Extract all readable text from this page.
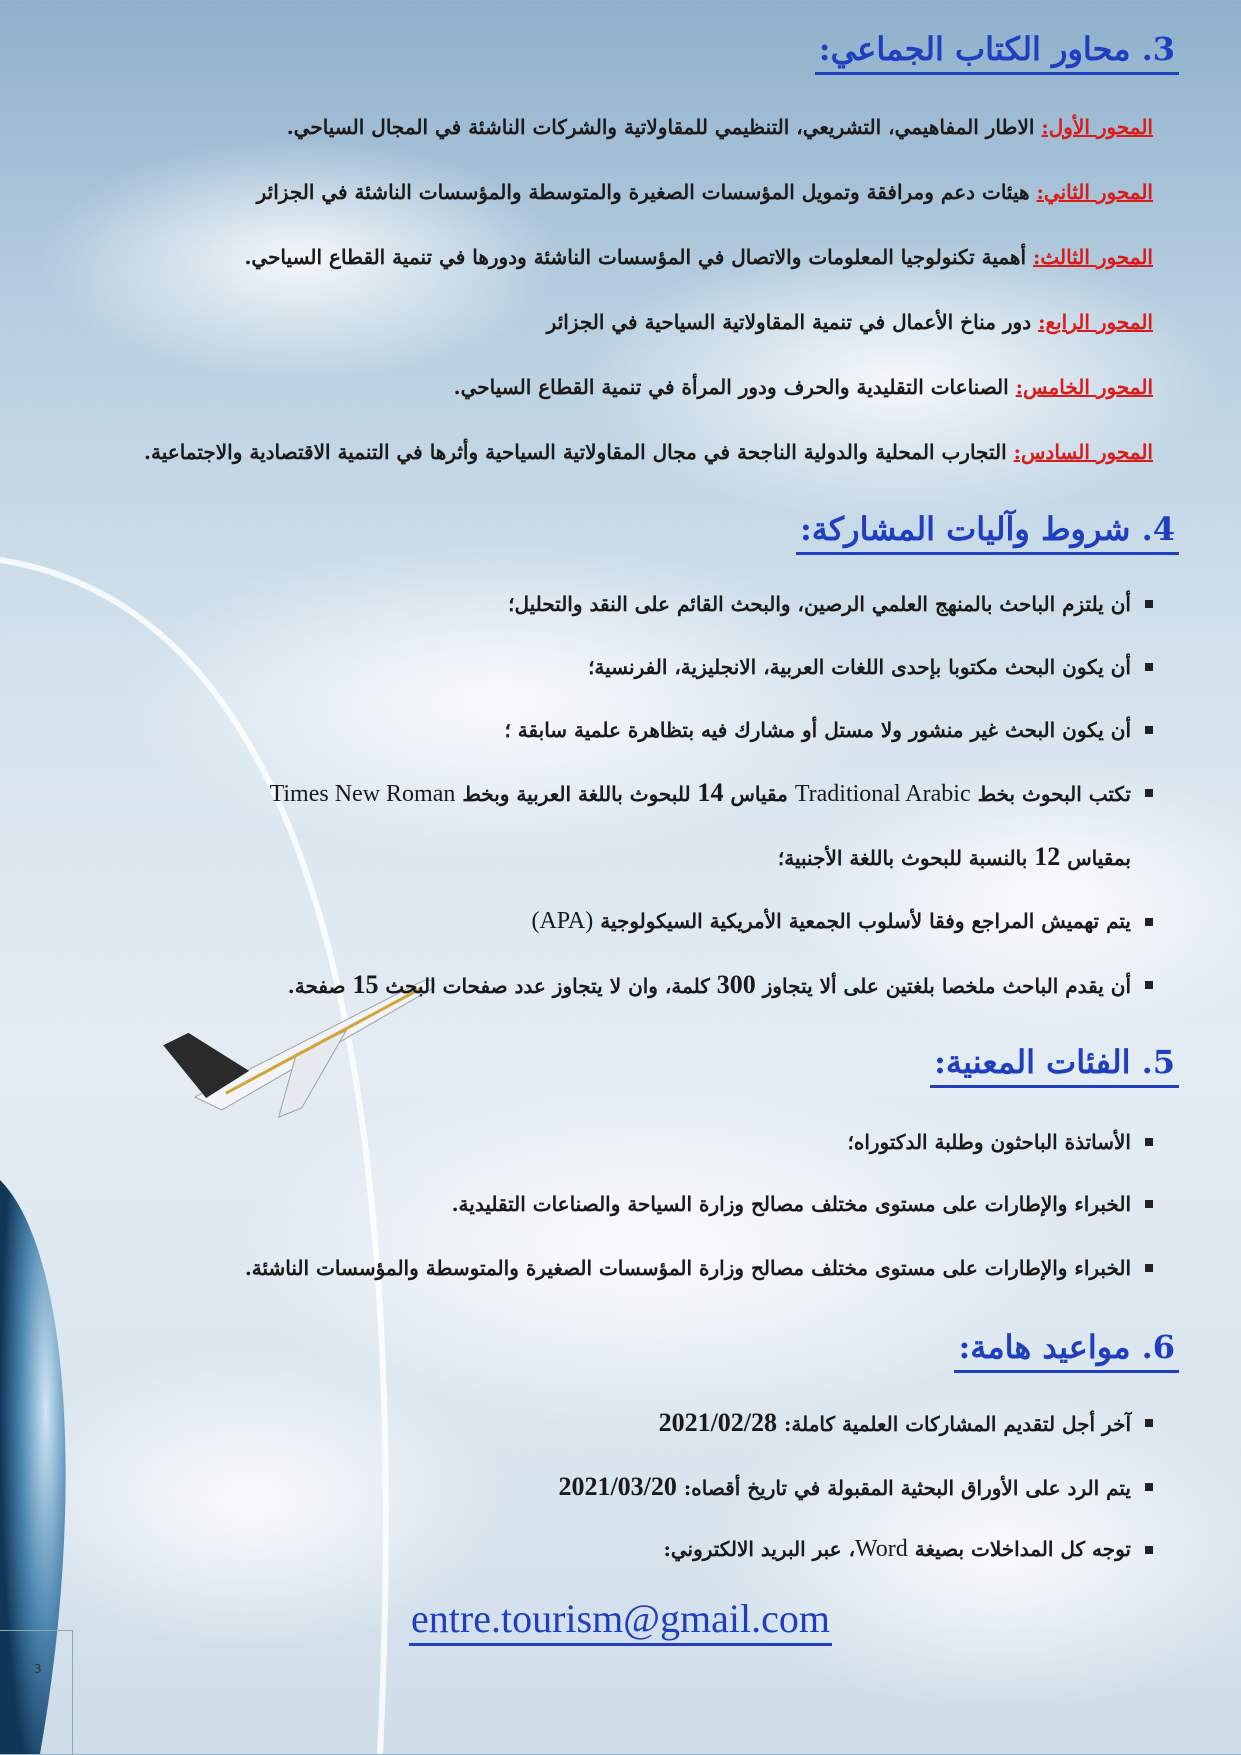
3. محاور الكتاب الجماعي:
المحور الأول: الاطار المفاهيمي، التشريعي، التنظيمي للمقاولاتية والشركات الناشئة في المجال السياحي.
المحور الثاني: هيئات دعم ومرافقة وتمويل المؤسسات الصغيرة والمتوسطة والمؤسسات الناشئة في الجزائر
المحور الثالث: أهمية تكنولوجيا المعلومات والاتصال في المؤسسات الناشئة ودورها في تنمية القطاع السياحي.
المحور الرابع: دور مناخ الأعمال في تنمية المقاولاتية السياحية في الجزائر
المحور الخامس: الصناعات التقليدية والحرف ودور المرأة في تنمية القطاع السياحي.
المحور السادس: التجارب المحلية والدولية الناجحة في مجال المقاولاتية السياحية وأثرها في التنمية الاقتصادية والاجتماعية.
4. شروط وآليات المشاركة:
أن يلتزم الباحث بالمنهج العلمي الرصين، والبحث القائم على النقد والتحليل؛
أن يكون البحث مكتوبا بإحدى اللغات العربية، الانجليزية، الفرنسية؛
أن يكون البحث غير منشور ولا مستل أو مشارك فيه بتظاهرة علمية سابقة ؛
تكتب البحوث بخط Traditional Arabic مقياس 14 للبحوث باللغة العربية وبخط Times New Roman
بمقياس 12 بالنسبة للبحوث باللغة الأجنبية؛
يتم تهميش المراجع وفقا لأسلوب الجمعية الأمريكية السيكولوجية (APA)
أن يقدم الباحث ملخصا بلغتين على ألا يتجاوز 300 كلمة، وان لا يتجاوز عدد صفحات البحث 15 صفحة.
5. الفئات المعنية:
الأساتذة الباحثون وطلبة الدكتوراه؛
الخبراء والإطارات على مستوى مختلف مصالح وزارة السياحة والصناعات التقليدية.
الخبراء والإطارات على مستوى مختلف مصالح وزارة المؤسسات الصغيرة والمتوسطة والمؤسسات الناشئة.
6. مواعيد هامة:
آخر أجل لتقديم المشاركات العلمية كاملة: 2021/02/28
يتم الرد على الأوراق البحثية المقبولة في تاريخ أقصاه: 2021/03/20
توجه كل المداخلات بصيغة Word، عبر البريد الالكتروني:
entre.tourism@gmail.com
3
